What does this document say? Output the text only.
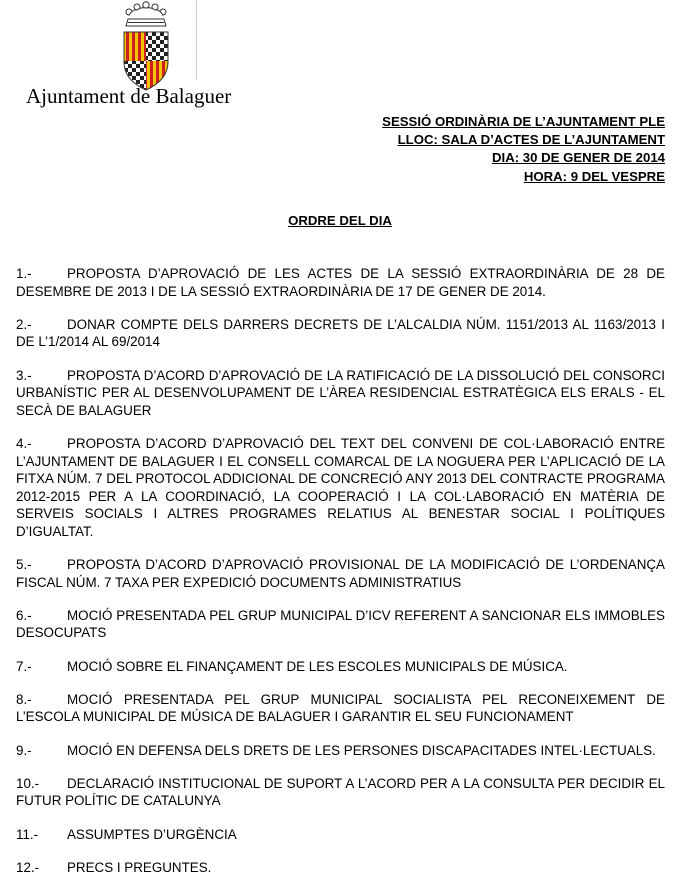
Ajuntament de Balaguer
SESSIÓ ORDINÀRIA DE L’AJUNTAMENT PLE
LLOC: SALA D’ACTES DE L’AJUNTAMENT
DIA: 30 DE GENER DE 2014
HORA: 9 DEL VESPRE
ORDRE DEL DIA
1.-	PROPOSTA D’APROVACIÓ DE LES ACTES DE LA SESSIÓ EXTRAORDINÀRIA DE 28 DE DESEMBRE DE 2013 I DE LA SESSIÓ EXTRAORDINÀRIA DE 17 DE GENER DE 2014.
2.-	DONAR COMPTE DELS DARRERS DECRETS DE L’ALCALDIA NÚM. 1151/2013 AL 1163/2013 I DE L’1/2014 AL 69/2014
3.-	PROPOSTA D’ACORD D’APROVACIÓ DE LA RATIFICACIÓ DE LA DISSOLUCIÓ DEL CONSORCI URBANÍSTIC PER AL DESENVOLUPAMENT DE L’ÀREA RESIDENCIAL ESTRATÈGICA ELS ERALS - EL SECÀ DE BALAGUER
4.-	PROPOSTA D’ACORD D’APROVACIÓ DEL TEXT DEL CONVENI DE COL·LABORACIÓ ENTRE L’AJUNTAMENT DE BALAGUER I EL CONSELL COMARCAL DE LA NOGUERA PER L’APLICACIÓ DE LA FITXA NÚM. 7 DEL PROTOCOL ADDICIONAL DE CONCRECIÓ ANY 2013 DEL CONTRACTE PROGRAMA 2012-2015 PER A LA COORDINACIÓ, LA COOPERACIÓ I LA COL·LABORACIÓ EN MATÈRIA DE SERVEIS SOCIALS I ALTRES PROGRAMES RELATIUS AL BENESTAR SOCIAL I POLÍTIQUES D’IGUALTAT.
5.-	PROPOSTA D’ACORD D’APROVACIÓ PROVISIONAL DE LA MODIFICACIÓ DE L’ORDENANÇA FISCAL NÚM. 7 TAXA PER EXPEDICIÓ DOCUMENTS ADMINISTRATIUS
6.-	MOCIÓ PRESENTADA PEL GRUP MUNICIPAL D’ICV REFERENT A SANCIONAR ELS IMMOBLES DESOCUPATS
7.-	MOCIÓ SOBRE EL FINANÇAMENT DE LES ESCOLES MUNICIPALS DE MÚSICA.
8.-	MOCIÓ PRESENTADA PEL GRUP MUNICIPAL SOCIALISTA PEL RECONEIXEMENT DE L’ESCOLA MUNICIPAL DE MÚSICA DE BALAGUER I GARANTIR EL SEU FUNCIONAMENT
9.-	MOCIÓ EN DEFENSA DELS DRETS DE LES PERSONES DISCAPACITADES INTEL·LECTUALS.
10.- DECLARACIÓ INSTITUCIONAL DE SUPORT A L’ACORD PER A LA CONSULTA PER DECIDIR EL FUTUR POLÍTIC DE CATALUNYA
11.- ASSUMPTES D’URGÈNCIA
12.- PRECS I PREGUNTES.
